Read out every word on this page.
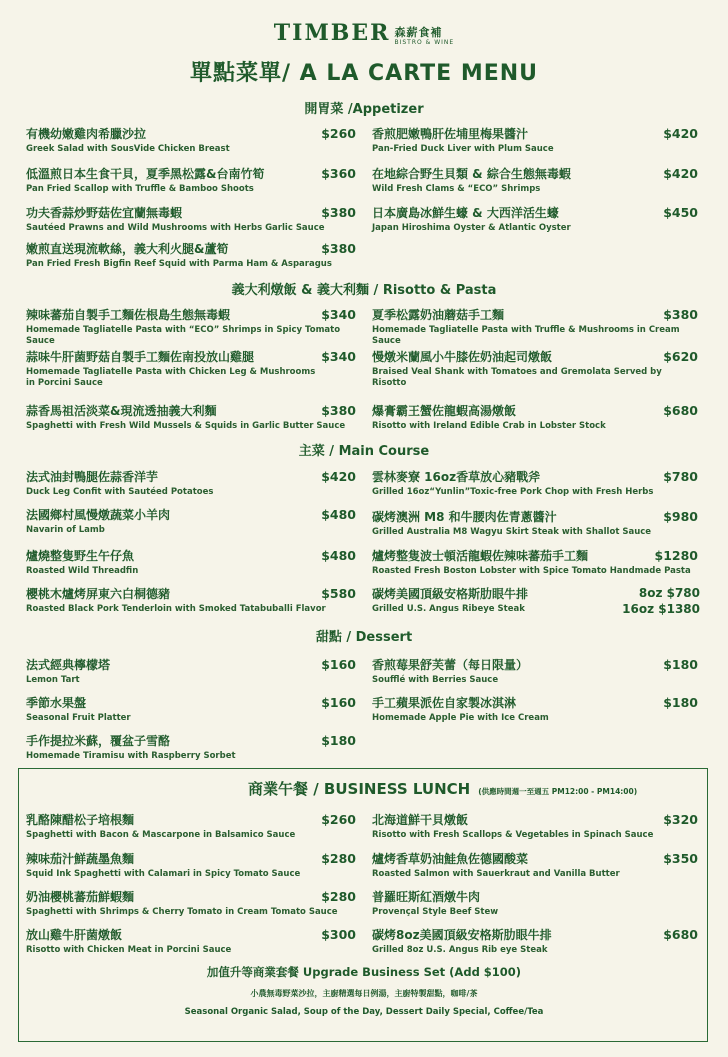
TIMBER 森薪食補
BISTRO & WINE
單點菜單/ A LA CARTE MENU
開胃菜 /Appetizer
有機幼嫩雞肉希臘沙拉	$260
Greek Salad with SousVide Chicken Breast
香煎肥嫩鴨肝佐埔里梅果醬汁	$420
Pan-Fried Duck Liver with Plum Sauce
低溫煎日本生食干貝，夏季黑松露&台南竹筍	$360
Pan Fried Scallop with Truffle & Bamboo Shoots
在地綜合野生貝類 & 綜合生態無毒蝦	$420
Wild Fresh Clams & “ECO” Shrimps
功夫香蒜炒野菇佐宜蘭無毒蝦	$380
Sautéed Prawns and Wild Mushrooms with Herbs Garlic Sauce
日本廣島冰鮮生蠔 & 大西洋活生蠔	$450
Japan Hiroshima Oyster & Atlantic Oyster
嫩煎直送現流軟絲，義大利火腿&蘆筍	$380
Pan Fried Fresh Bigfin Reef Squid with Parma Ham & Asparagus
義大利燉飯 & 義大利麵 / Risotto & Pasta
辣味蕃茄自製手工麵佐根島生態無毒蝦	$340
Homemade Tagliatelle Pasta with “ECO” Shrimps in Spicy Tomato Sauce
夏季松露奶油蘑菇手工麵	$380
Homemade Tagliatelle Pasta with Truffle & Mushrooms in Cream Sauce
蒜味牛肝菌野菇自製手工麵佐南投放山雞腿	$340
Homemade Tagliatelle Pasta with Chicken Leg & Mushrooms
in Porcini Sauce
慢燉米蘭風小牛膝佐奶油起司燉飯	$620
Braised Veal Shank with Tomatoes and Gremolata Served by Risotto
蒜香馬祖活淡菜&現流透抽義大利麵	$380
Spaghetti with Fresh Wild Mussels & Squids in Garlic Butter Sauce
爆膏霸王蟹佐龍蝦高湯燉飯	$680
Risotto with Ireland Edible Crab in Lobster Stock
主菜 / Main Course
法式油封鴨腿佐蒜香洋芋	$420
Duck Leg Confit with Sautéed Potatoes
雲林麥寮 16oz香草放心豬戰斧	$780
Grilled 16oz“Yunlin”Toxic-free Pork Chop with Fresh Herbs
法國鄉村風慢燉蔬菜小羊肉	$480
Navarin of Lamb
碳烤澳洲 M8 和牛腰肉佐青蔥醬汁	$980
Grilled Australia M8 Wagyu Skirt Steak with Shallot Sauce
爐燒整隻野生午仔魚	$480
Roasted Wild Threadfin
爐烤整隻波士頓活龍蝦佐辣味蕃茄手工麵	$1280
Roasted Fresh Boston Lobster with Spice Tomato Handmade Pasta
櫻桃木爐烤屏東六白桐德豬	$580
Roasted Black Pork Tenderloin with Smoked Tatabuballi Flavor
碳烤美國頂級安格斯肋眼牛排
Grilled U.S. Angus Ribeye Steak
8oz $780
16oz $1380
甜點 / Dessert
法式經典檸檬塔	$160
Lemon Tart
香煎莓果舒芙蕾（每日限量）	$180
Soufflé with Berries Sauce
季節水果盤	$160
Seasonal Fruit Platter
手工蘋果派佐自家製冰淇淋	$180
Homemade Apple Pie with Ice Cream
手作提拉米蘇，覆盆子雪酪	$180
Homemade Tiramisu with Raspberry Sorbet
商業午餐 / BUSINESS LUNCH (供應時間週一至週五 PM12:00 - PM14:00)
乳酪陳醋松子培根麵	$260
Spaghetti with Bacon & Mascarpone in Balsamico Sauce
北海道鮮干貝燉飯	$320
Risotto with Fresh Scallops & Vegetables in Spinach Sauce
辣味茄汁鮮蔬墨魚麵	$280
Squid Ink Spaghetti with Calamari in Spicy Tomato Sauce
爐烤香草奶油鮭魚佐德國酸菜	$350
Roasted Salmon with Sauerkraut and Vanilla Butter
奶油櫻桃蕃茄鮮蝦麵	$280
Spaghetti with Shrimps & Cherry Tomato in Cream Tomato Sauce
普羅旺斯紅酒燉牛肉
Provençal Style Beef Stew
放山雞牛肝菌燉飯	$300
Risotto with Chicken Meat in Porcini Sauce
碳烤8oz美國頂級安格斯肋眼牛排	$680
Grilled 8oz U.S. Angus Rib eye Steak
加值升等商業套餐 Upgrade Business Set (Add $100)
小農無毒野菜沙拉，主廚精選每日例湯，主廚特製甜點，咖啡/茶
Seasonal Organic Salad, Soup of the Day, Dessert Daily Special, Coffee/Tea
